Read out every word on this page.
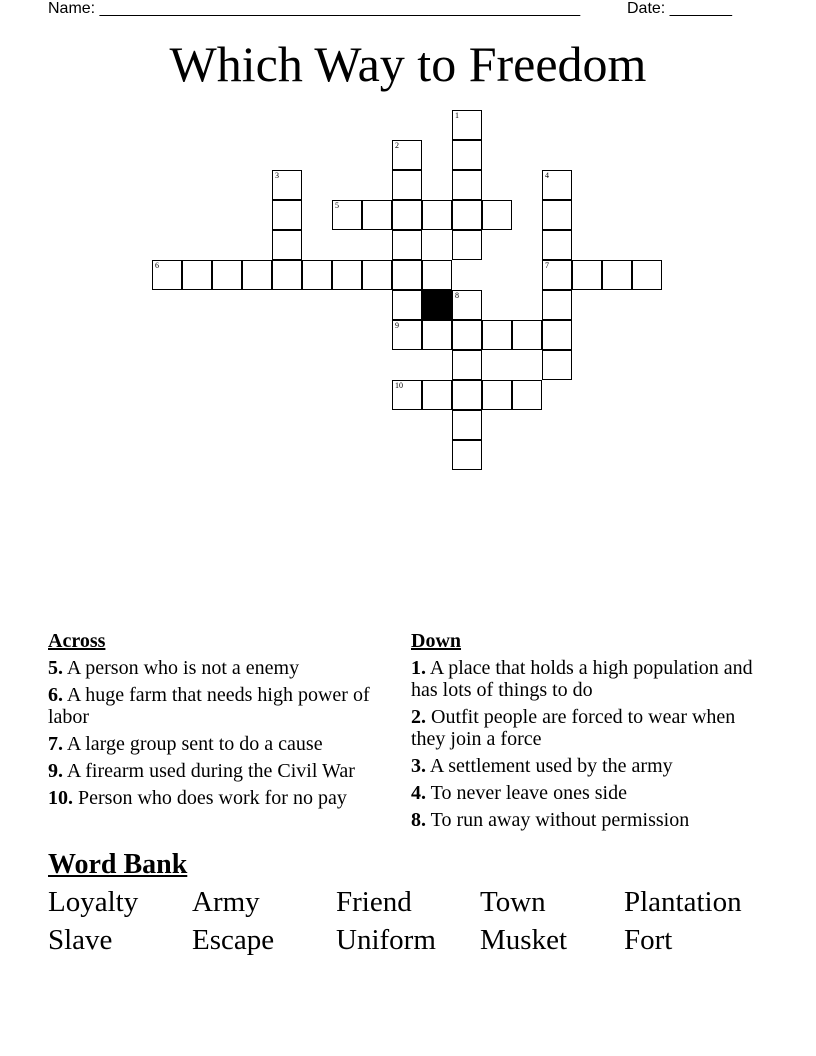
Name: ______________________________________________________	Date: _______
Which Way to Freedom
5
6	7
9
10
1
2
3	4
8
Across
5. A person who is not a enemy
6. A huge farm that needs high power of labor
7. A large group sent to do a cause
9. A firearm used during the Civil War
10. Person who does work for no pay
Down
1. A place that holds a high population and has lots of things to do
2. Outfit people are forced to wear when they join a force
3. A settlement used by the army
4. To never leave ones side
8. To run away without permission
Word Bank
Loyalty Army	Friend Town	Plantation
Slave	Escape Uniform Musket Fort
